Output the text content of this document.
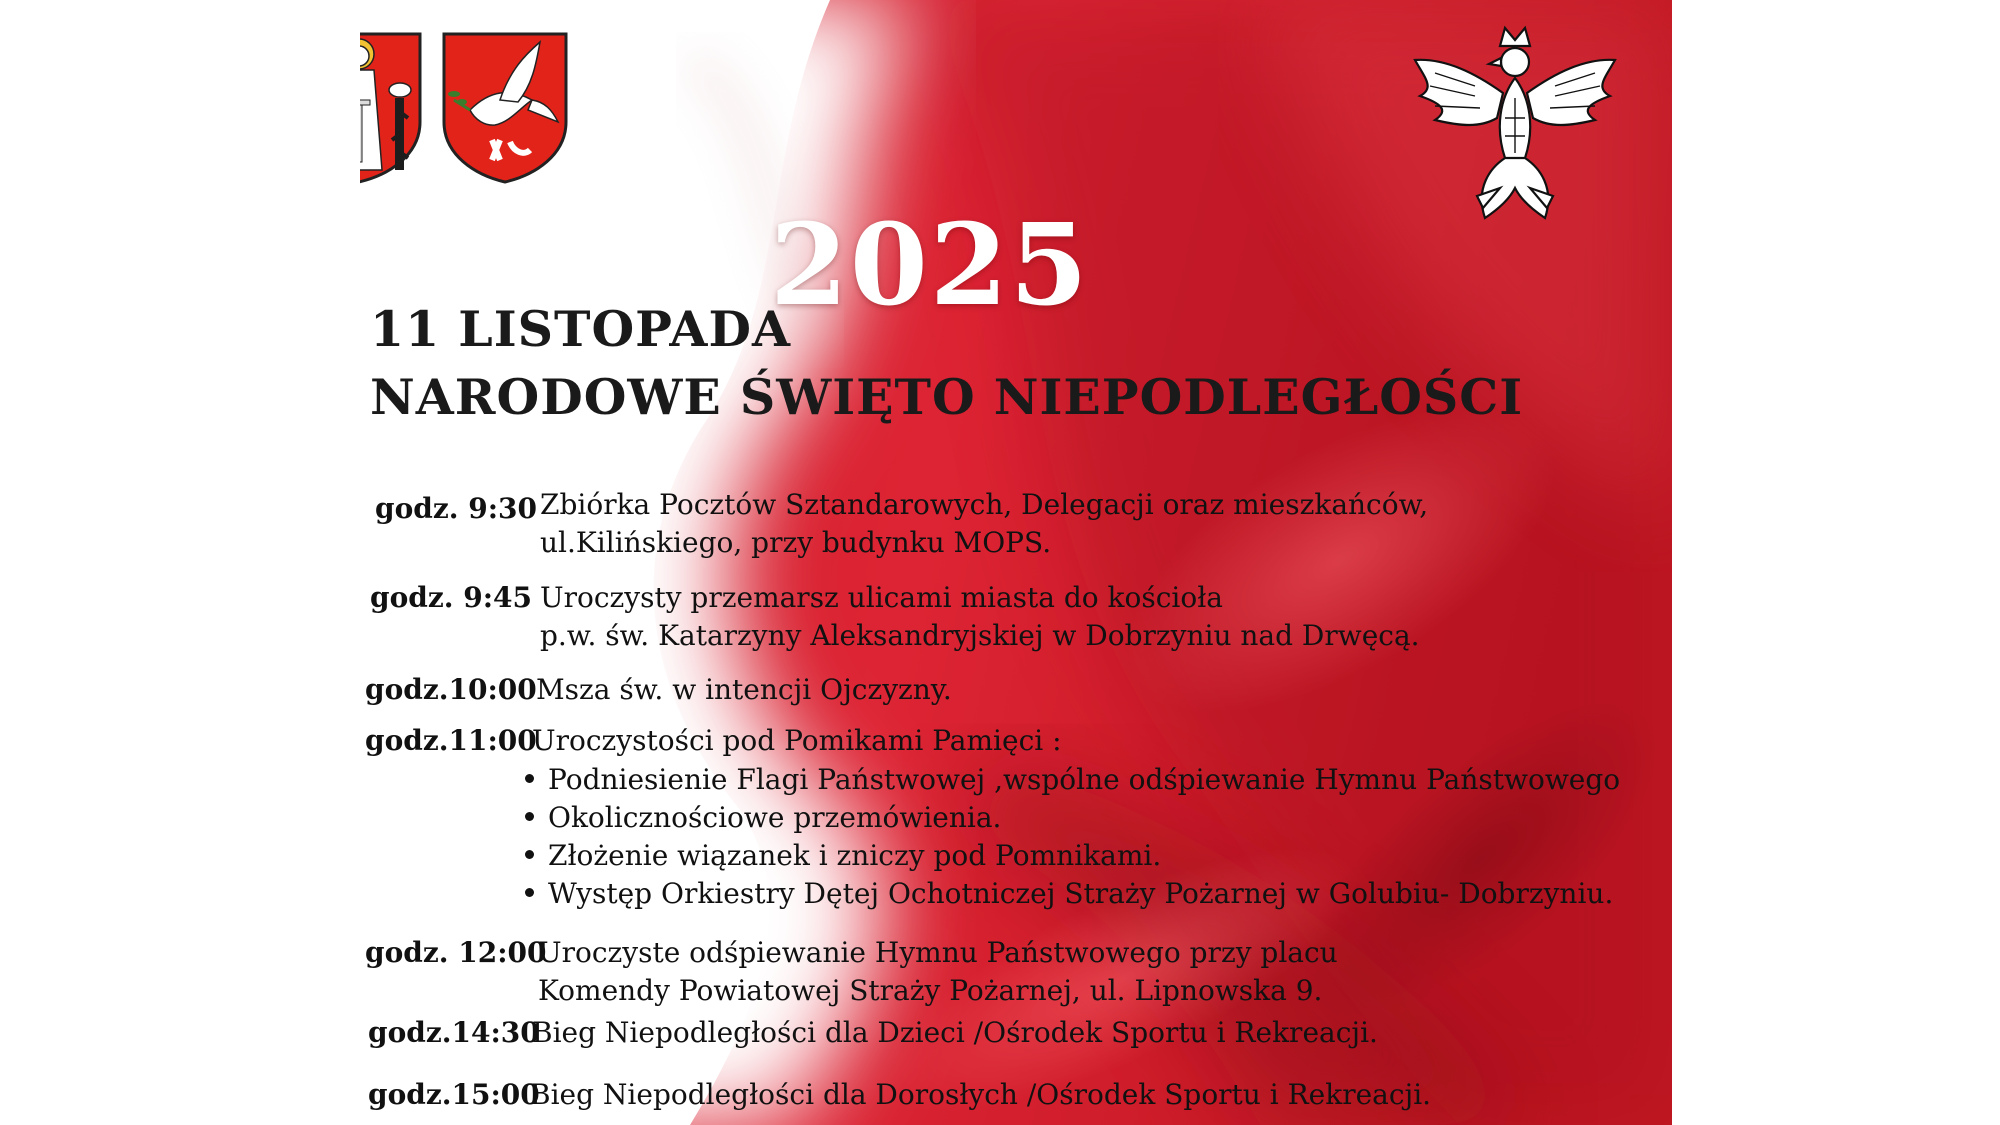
2025
11 LISTOPADA
NARODOWE ŚWIĘTO NIEPODLEGŁOŚCI
godz. 9:30 Zbiórka Pocztów Sztandarowych, Delegacji oraz mieszkańców,
ul.Kilińskiego, przy budynku MOPS.
godz. 9:45 Uroczysty przemarsz ulicami miasta do kościoła
p.w. św. Katarzyny Aleksandryjskiej w Dobrzyniu nad Drwęcą.
godz.10:00 Msza św. w intencji Ojczyzny.
godz.11:00
Uroczystości pod Pomikami Pamięci :
Podniesienie Flagi Państwowej ,wspólne odśpiewanie Hymnu Państwowego
Okolicznościowe przemówienia.
Złożenie wiązanek i zniczy pod Pomnikami.
Występ Orkiestry Dętej Ochotniczej Straży Pożarnej w Golubiu- Dobrzyniu.
godz. 12:00
Uroczyste odśpiewanie Hymnu Państwowego przy placu
Komendy Powiatowej Straży Pożarnej, ul. Lipnowska 9.
godz.14:30
Bieg Niepodległości dla Dzieci /Ośrodek Sportu i Rekreacji.
godz.15:00
Bieg Niepodległości dla Dorosłych /Ośrodek Sportu i Rekreacji.
